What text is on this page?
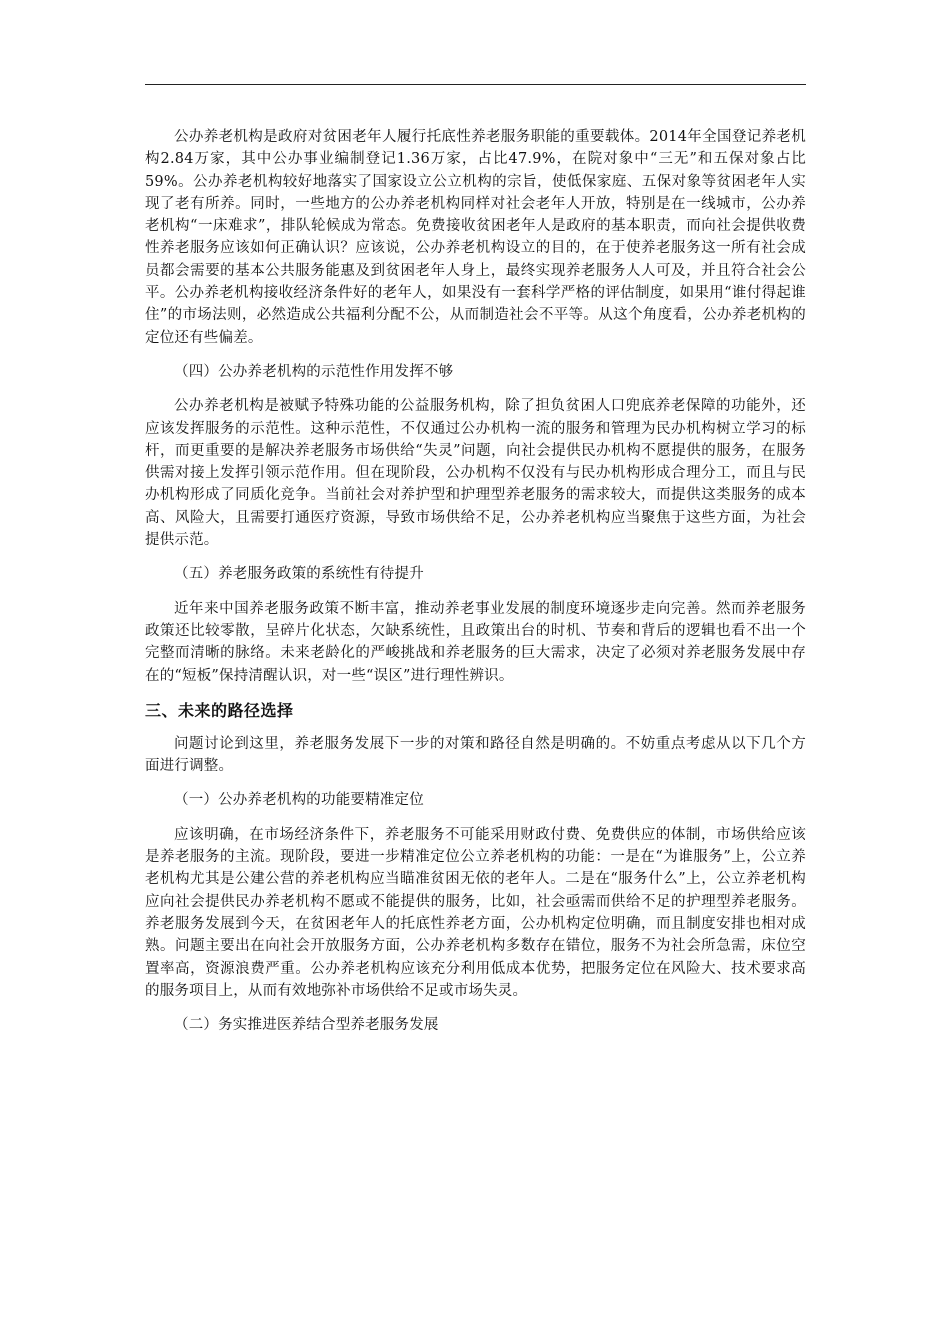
公办养老机构是政府对贫困老年人履行托底性养老服务职能的重要载体。2014年全国登记养老机构2.84万家，其中公办事业编制登记1.36万家，占比47.9%，在院对象中“三无”和五保对象占比59%。公办养老机构较好地落实了国家设立公立机构的宗旨，使低保家庭、五保对象等贫困老年人实现了老有所养。同时，一些地方的公办养老机构同样对社会老年人开放，特别是在一线城市，公办养老机构“一床难求”，排队轮候成为常态。免费接收贫困老年人是政府的基本职责，而向社会提供收费性养老服务应该如何正确认识？应该说，公办养老机构设立的目的，在于使养老服务这一所有社会成员都会需要的基本公共服务能惠及到贫困老年人身上，最终实现养老服务人人可及，并且符合社会公平。公办养老机构接收经济条件好的老年人，如果没有一套科学严格的评估制度，如果用“谁付得起谁住”的市场法则，必然造成公共福利分配不公，从而制造社会不平等。从这个角度看，公办养老机构的定位还有些偏差。

（四）公办养老机构的示范性作用发挥不够

公办养老机构是被赋予特殊功能的公益服务机构，除了担负贫困人口兜底养老保障的功能外，还应该发挥服务的示范性。这种示范性，不仅通过公办机构一流的服务和管理为民办机构树立学习的标杆，而更重要的是解决养老服务市场供给“失灵”问题，向社会提供民办机构不愿提供的服务，在服务供需对接上发挥引领示范作用。但在现阶段，公办机构不仅没有与民办机构形成合理分工，而且与民办机构形成了同质化竞争。当前社会对养护型和护理型养老服务的需求较大，而提供这类服务的成本高、风险大，且需要打通医疗资源，导致市场供给不足，公办养老机构应当聚焦于这些方面，为社会提供示范。

（五）养老服务政策的系统性有待提升

近年来中国养老服务政策不断丰富，推动养老事业发展的制度环境逐步走向完善。然而养老服务政策还比较零散，呈碎片化状态，欠缺系统性，且政策出台的时机、节奏和背后的逻辑也看不出一个完整而清晰的脉络。未来老龄化的严峻挑战和养老服务的巨大需求，决定了必须对养老服务发展中存在的“短板”保持清醒认识，对一些“误区”进行理性辨识。

三、未来的路径选择

问题讨论到这里，养老服务发展下一步的对策和路径自然是明确的。不妨重点考虑从以下几个方面进行调整。

（一）公办养老机构的功能要精准定位

应该明确，在市场经济条件下，养老服务不可能采用财政付费、免费供应的体制，市场供给应该是养老服务的主流。现阶段，要进一步精准定位公立养老机构的功能：一是在“为谁服务”上，公立养老机构尤其是公建公营的养老机构应当瞄准贫困无依的老年人。二是在“服务什么”上，公立养老机构应向社会提供民办养老机构不愿或不能提供的服务，比如，社会亟需而供给不足的护理型养老服务。养老服务发展到今天，在贫困老年人的托底性养老方面，公办机构定位明确，而且制度安排也相对成熟。问题主要出在向社会开放服务方面，公办养老机构多数存在错位，服务不为社会所急需，床位空置率高，资源浪费严重。公办养老机构应该充分利用低成本优势，把服务定位在风险大、技术要求高的服务项目上，从而有效地弥补市场供给不足或市场失灵。

（二）务实推进医养结合型养老服务发展
